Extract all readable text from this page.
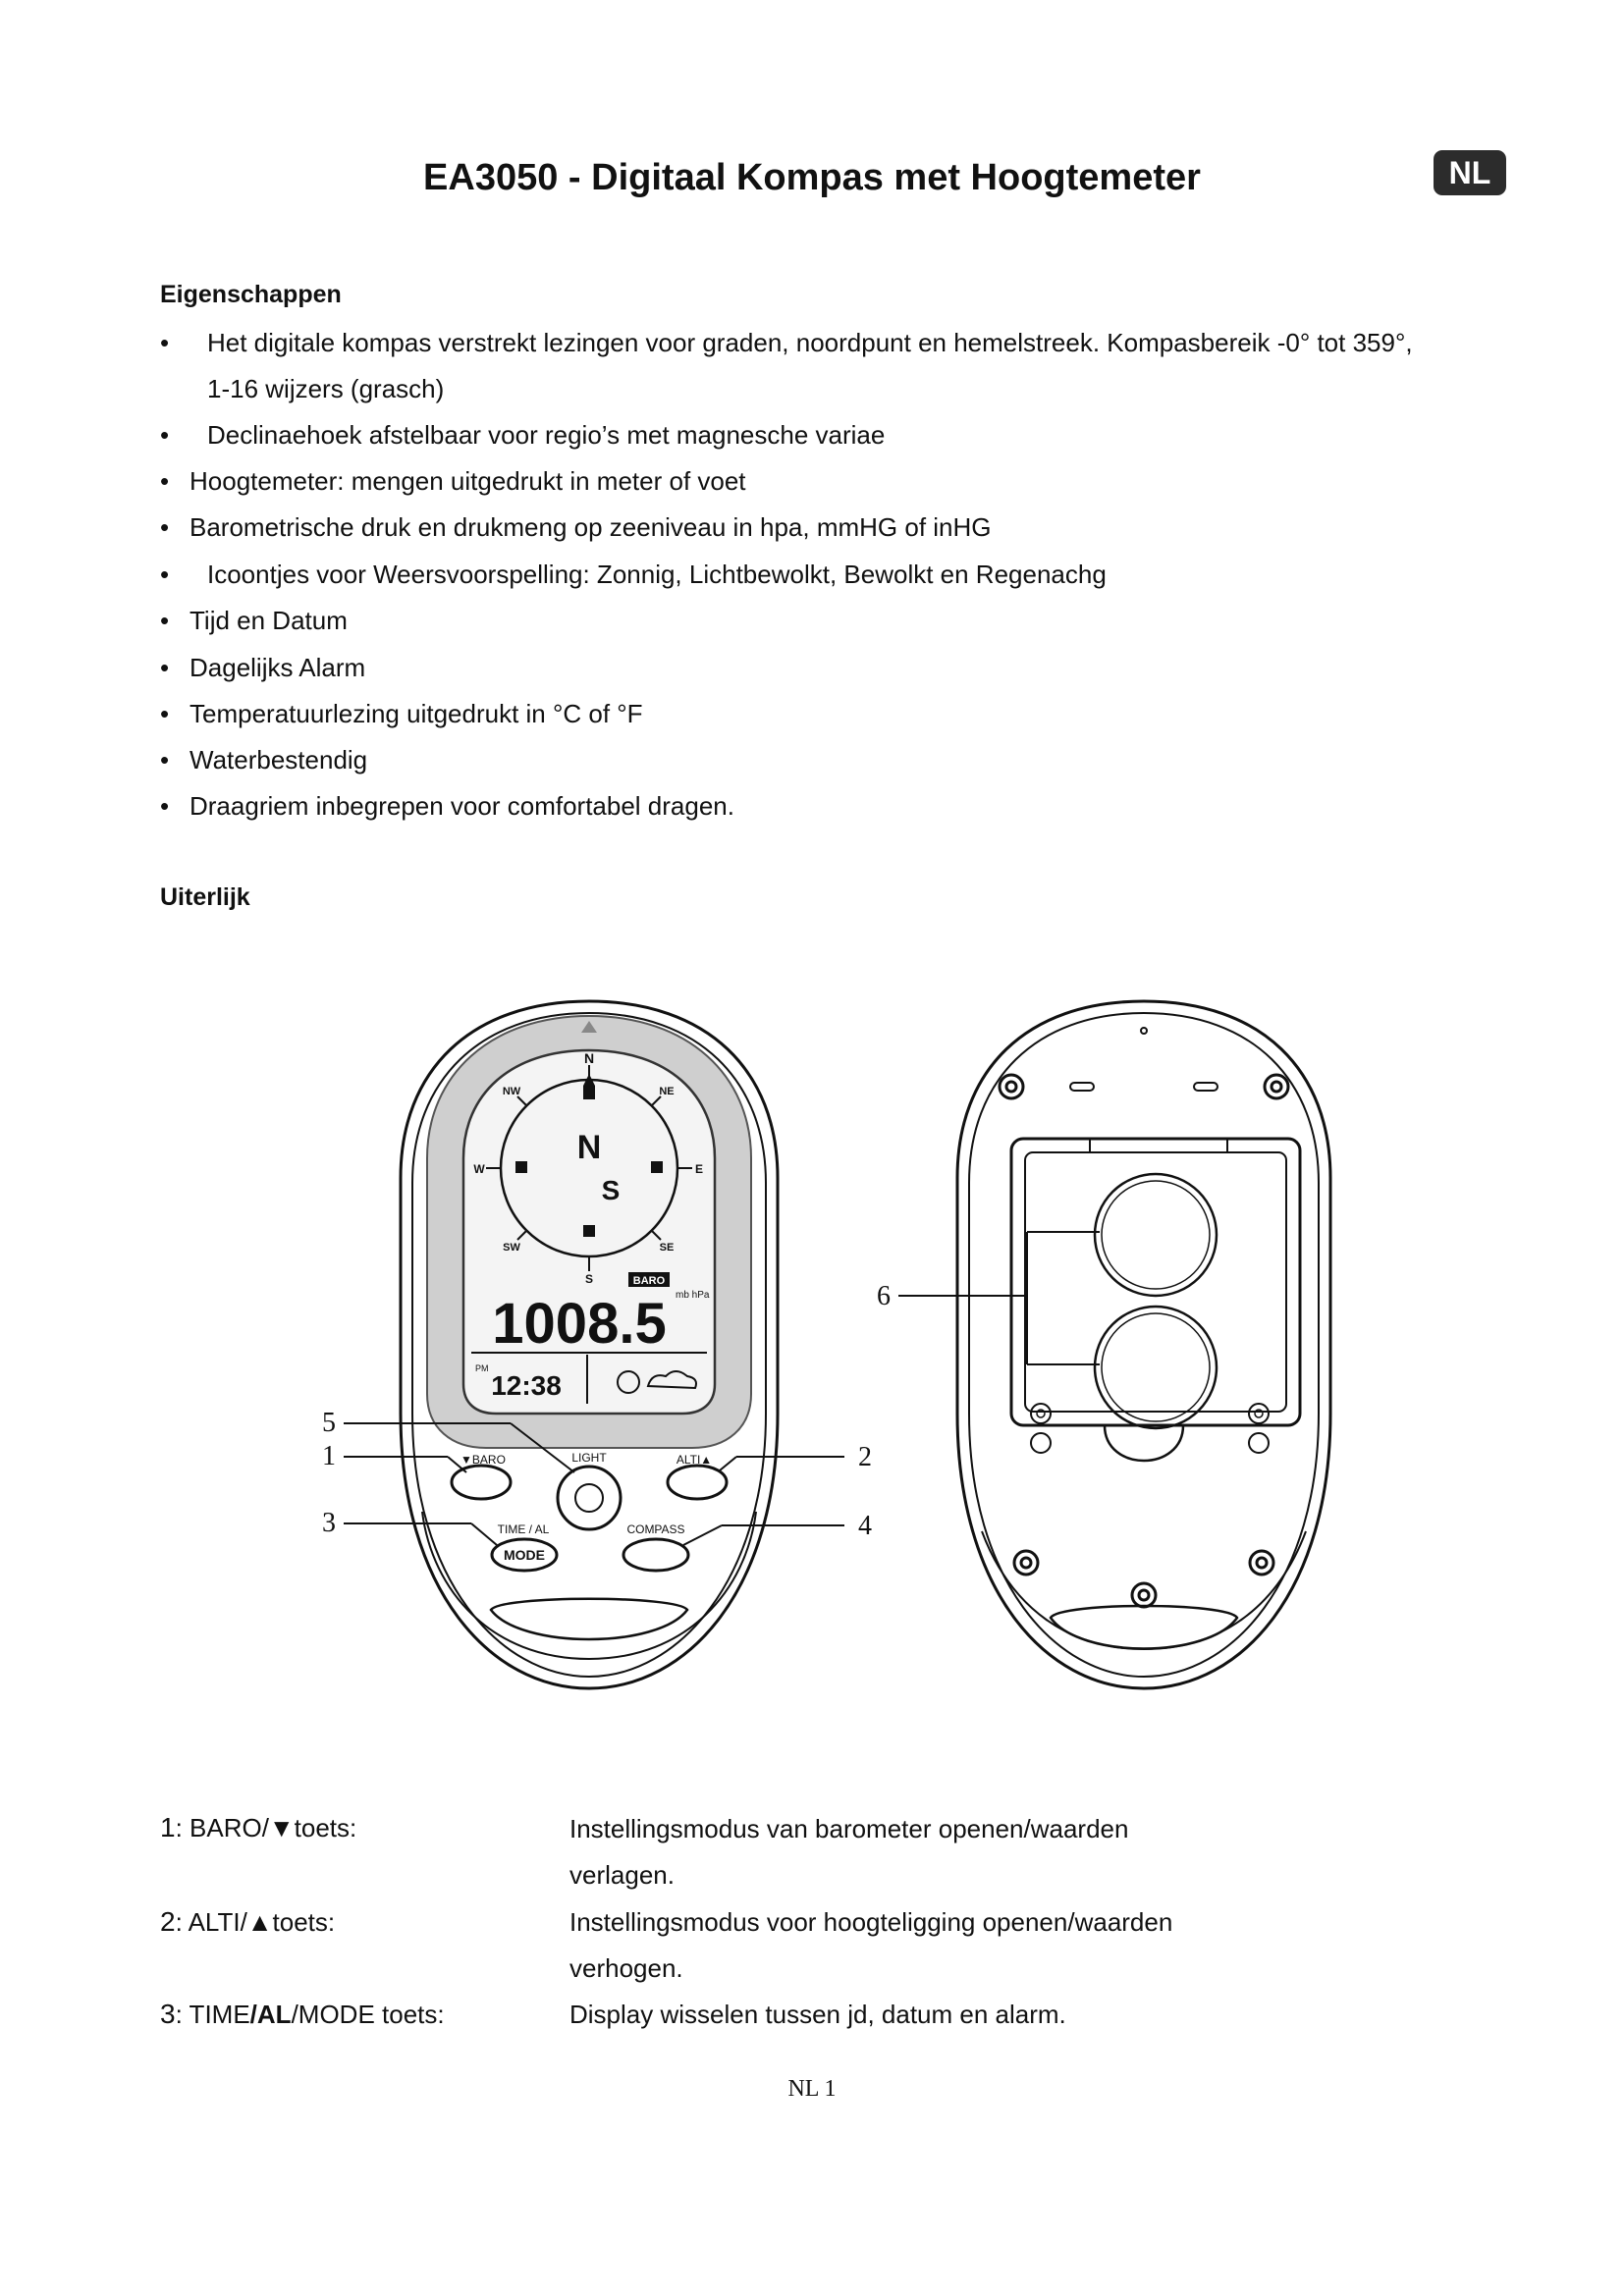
EA3050 - Digitaal Kompas met Hoogtemeter	NL
Eigenschappen
• Het digitale kompas verstrekt lezingen voor graden, noordpunt en hemelstreek. Kompasbereik -0° tot 359°,
1-16 wijzers (grasch)
• Declinaehoek afstelbaar voor regio’s met magnesche variae
• Hoogtemeter: mengen uitgedrukt in meter of voet
• Barometrische druk en drukmeng op zeeniveau in hpa, mmHG of inHG
• Icoontjes voor Weersvoorspelling: Zonnig, Lichtbewolkt, Bewolkt en Regenachg
• Tijd en Datum
• Dagelijks Alarm
• Temperatuurlezing uitgedrukt in °C of °F
• Waterbestendig
• Draagriem inbegrepen voor comfortabel dragen.
Uiterlijk
N
NE
E
SE
S
SW
W
NW
N
S
BARO
mb hPa
1008.5
PM
12:38
▼BARO	LIGHT	ALTI▲
TIME / AL
MODE
COMPASS
5
1
3
2
4
6
1: BARO/▼toets:	Instellingsmodus van barometer openen/waarden
verlagen.
2: ALTI/▲toets:	Instellingsmodus voor hoogteligging openen/waarden
verhogen.
3: TIME/AL/MODE toets:	Display wisselen tussen jd, datum en alarm.
NL 1
